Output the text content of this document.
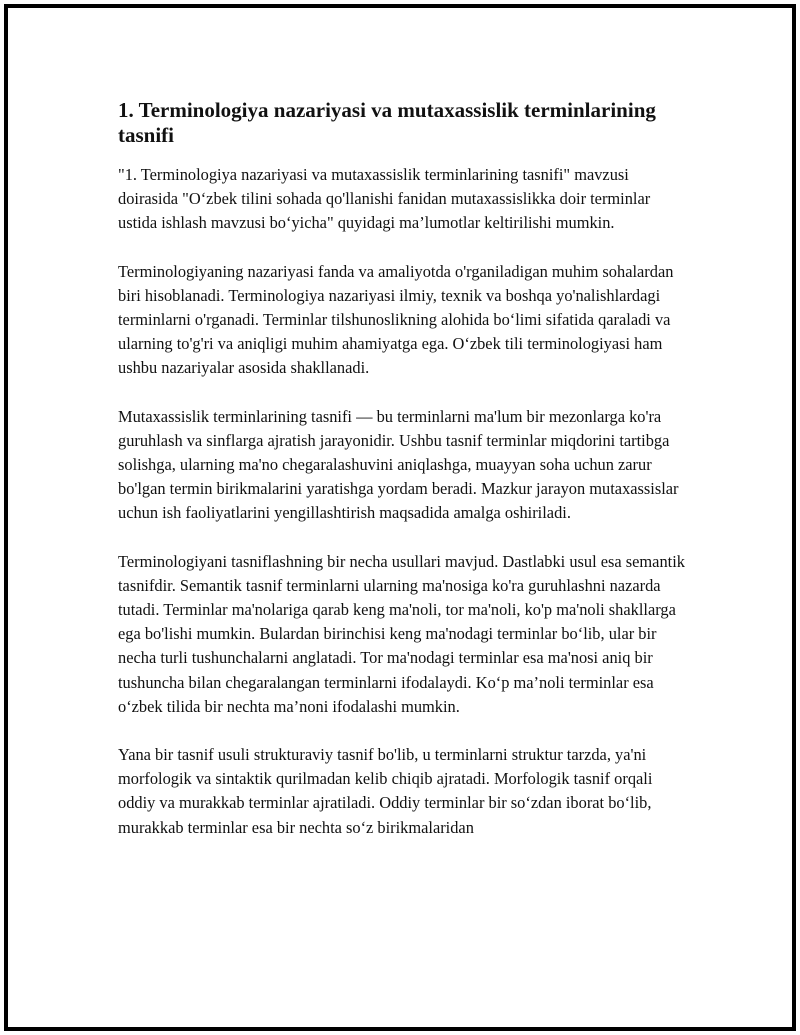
1. Terminologiya nazariyasi va mutaxassislik terminlarining tasnifi

"1. Terminologiya nazariyasi va mutaxassislik terminlarining tasnifi" mavzusi doirasida "O‘zbek tilini sohada qo'llanishi fanidan mutaxassislikka doir terminlar ustida ishlash mavzusi bo‘yicha" quyidagi ma’lumotlar keltirilishi mumkin.

Terminologiyaning nazariyasi fanda va amaliyotda o'rganiladigan muhim sohalardan biri hisoblanadi. Terminologiya nazariyasi ilmiy, texnik va boshqa yo'nalishlardagi terminlarni o'rganadi. Terminlar tilshunoslikning alohida bo‘limi sifatida qaraladi va ularning to'g'ri va aniqligi muhim ahamiyatga ega. O‘zbek tili terminologiyasi ham ushbu nazariyalar asosida shakllanadi.

Mutaxassislik terminlarining tasnifi — bu terminlarni ma'lum bir mezonlarga ko'ra guruhlash va sinflarga ajratish jarayonidir. Ushbu tasnif terminlar miqdorini tartibga solishga, ularning ma'no chegaralashuvini aniqlashga, muayyan soha uchun zarur bo'lgan termin birikmalarini yaratishga yordam beradi. Mazkur jarayon mutaxassislar uchun ish faoliyatlarini yengillashtirish maqsadida amalga oshiriladi.

Terminologiyani tasniflashning bir necha usullari mavjud. Dastlabki usul esa semantik tasnifdir. Semantik tasnif terminlarni ularning ma'nosiga ko'ra guruhlashni nazarda tutadi. Terminlar ma'nolariga qarab keng ma'noli, tor ma'noli, ko'p ma'noli shakllarga ega bo'lishi mumkin. Bulardan birinchisi keng ma'nodagi terminlar bo‘lib, ular bir necha turli tushunchalarni anglatadi. Tor ma'nodagi terminlar esa ma'nosi aniq bir tushuncha bilan chegaralangan terminlarni ifodalaydi. Ko‘p ma’noli terminlar esa o‘zbek tilida bir nechta ma’noni ifodalashi mumkin.

Yana bir tasnif usuli strukturaviy tasnif bo'lib, u terminlarni struktur tarzda, ya'ni morfologik va sintaktik qurilmadan kelib chiqib ajratadi. Morfologik tasnif orqali oddiy va murakkab terminlar ajratiladi. Oddiy terminlar bir so‘zdan iborat bo‘lib, murakkab terminlar esa bir nechta so‘z birikmalaridan
